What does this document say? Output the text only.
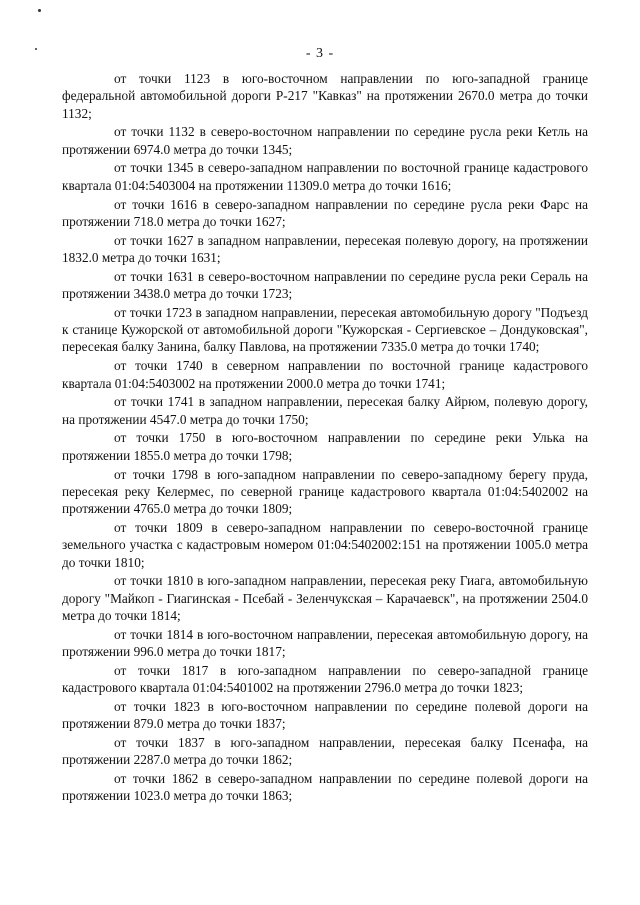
- 3 -

от точки 1123 в юго-восточном направлении по юго-западной границе федеральной автомобильной дороги Р-217 "Кавказ" на протяжении 2670.0 метра до точки 1132;

от точки 1132 в северо-восточном направлении по середине русла реки Кетль на протяжении 6974.0 метра до точки 1345;

от точки 1345 в северо-западном направлении по восточной границе кадастрового квартала 01:04:5403004 на протяжении 11309.0 метра до точки 1616;

от точки 1616 в северо-западном направлении по середине русла реки Фарс на протяжении 718.0 метра до точки 1627;

от точки 1627 в западном направлении, пересекая полевую дорогу, на протяжении 1832.0 метра до точки 1631;

от точки 1631 в северо-восточном направлении по середине русла реки Сераль на протяжении 3438.0 метра до точки 1723;

от точки 1723 в западном направлении, пересекая автомобильную дорогу "Подъезд к станице Кужорской от автомобильной дороги "Кужорская - Сергиевское – Дондуковская", пересекая балку Занина, балку Павлова, на протяжении 7335.0 метра до точки 1740;

от точки 1740 в северном направлении по восточной границе кадастрового квартала 01:04:5403002 на протяжении 2000.0 метра до точки 1741;

от точки 1741 в западном направлении, пересекая балку Айрюм, полевую дорогу, на протяжении 4547.0 метра до точки 1750;

от точки 1750 в юго-восточном направлении по середине реки Улька на протяжении 1855.0 метра до точки 1798;

от точки 1798 в юго-западном направлении по северо-западному берегу пруда, пересекая реку Келермес, по северной границе кадастрового квартала 01:04:5402002 на протяжении 4765.0 метра до точки 1809;

от точки 1809 в северо-западном направлении по северо-восточной границе земельного участка с кадастровым номером 01:04:5402002:151 на протяжении 1005.0 метра до точки 1810;

от точки 1810 в юго-западном направлении, пересекая реку Гиага, автомобильную дорогу "Майкоп - Гиагинская - Псебай - Зеленчукская – Карачаевск", на протяжении 2504.0 метра до точки 1814;

от точки 1814 в юго-восточном направлении, пересекая автомобильную дорогу, на протяжении 996.0 метра до точки 1817;

от точки 1817 в юго-западном направлении по северо-западной границе кадастрового квартала 01:04:5401002 на протяжении 2796.0 метра до точки 1823;

от точки 1823 в юго-восточном направлении по середине полевой дороги на протяжении 879.0 метра до точки 1837;

от точки 1837 в юго-западном направлении, пересекая балку Псенафа, на протяжении 2287.0 метра до точки 1862;

от точки 1862 в северо-западном направлении по середине полевой дороги на протяжении 1023.0 метра до точки 1863;
